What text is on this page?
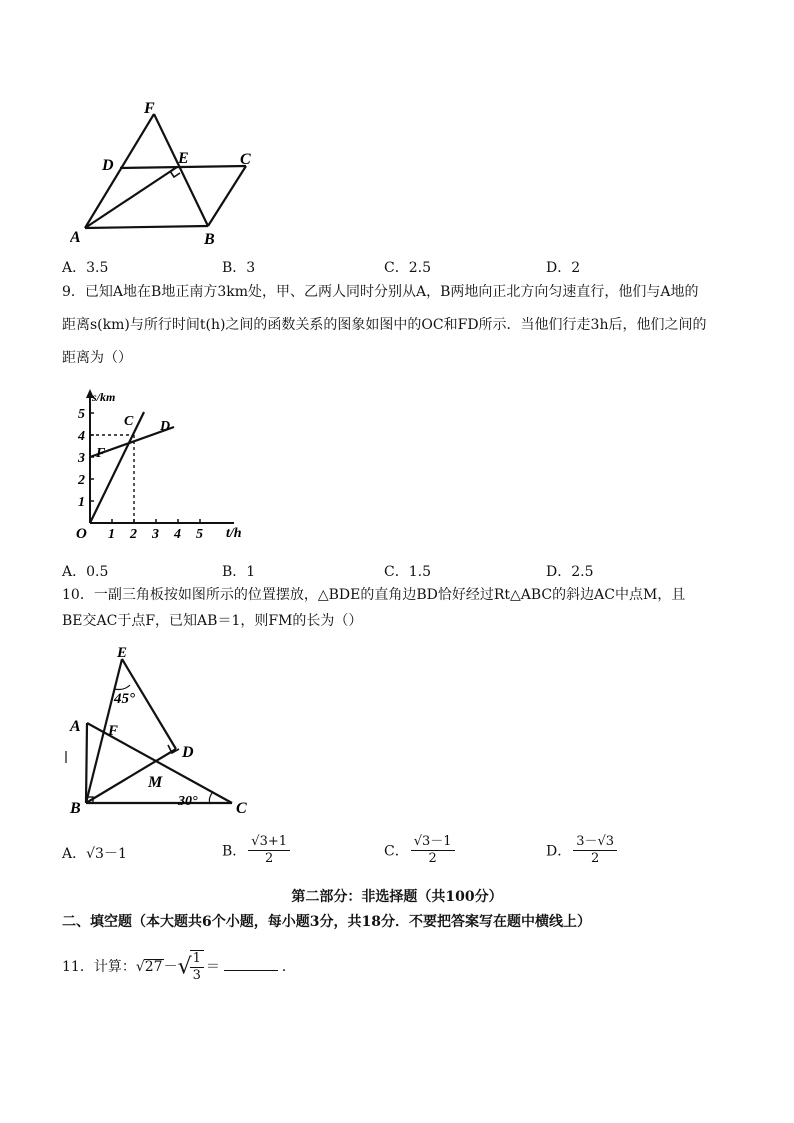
F
D	E	C
A	B
A．3.5	B．3	C．2.5	D．2
9．已知A地在B地正南方3km处，甲、乙两人同时分别从A，B两地向正北方向匀速直行，他们与A地的
距离s(km)与所行时间t(h)之间的函数关系的图象如图中的OC和FD所示．当他们行走3h后，他们之间的
距离为（）
s/km
t/h
O
1
2
3
4
5
1 2 3 4 5
C D
F
A．0.5	B．1	C．1.5	D．2.5
10．一副三角板按如图所示的位置摆放，△BDE的直角边BD恰好经过Rt△ABC的斜边AC中点M，且
BE交AC于点F，已知AB＝1，则FM的长为（）
E
45°
A F
D
M
B	30° C
A．√3－1	B． $\frac{√3+1}{2}$	C． $\frac{√3-1}{2}$	D． $\frac{3-√3}{2}$
第二部分：非选择题（共100分）
二、填空题（本大题共6个小题，每小题3分，共18分．不要把答案写在题中横线上）
11．计算：√27－√
$\frac{1}{3}$ ＝	．
